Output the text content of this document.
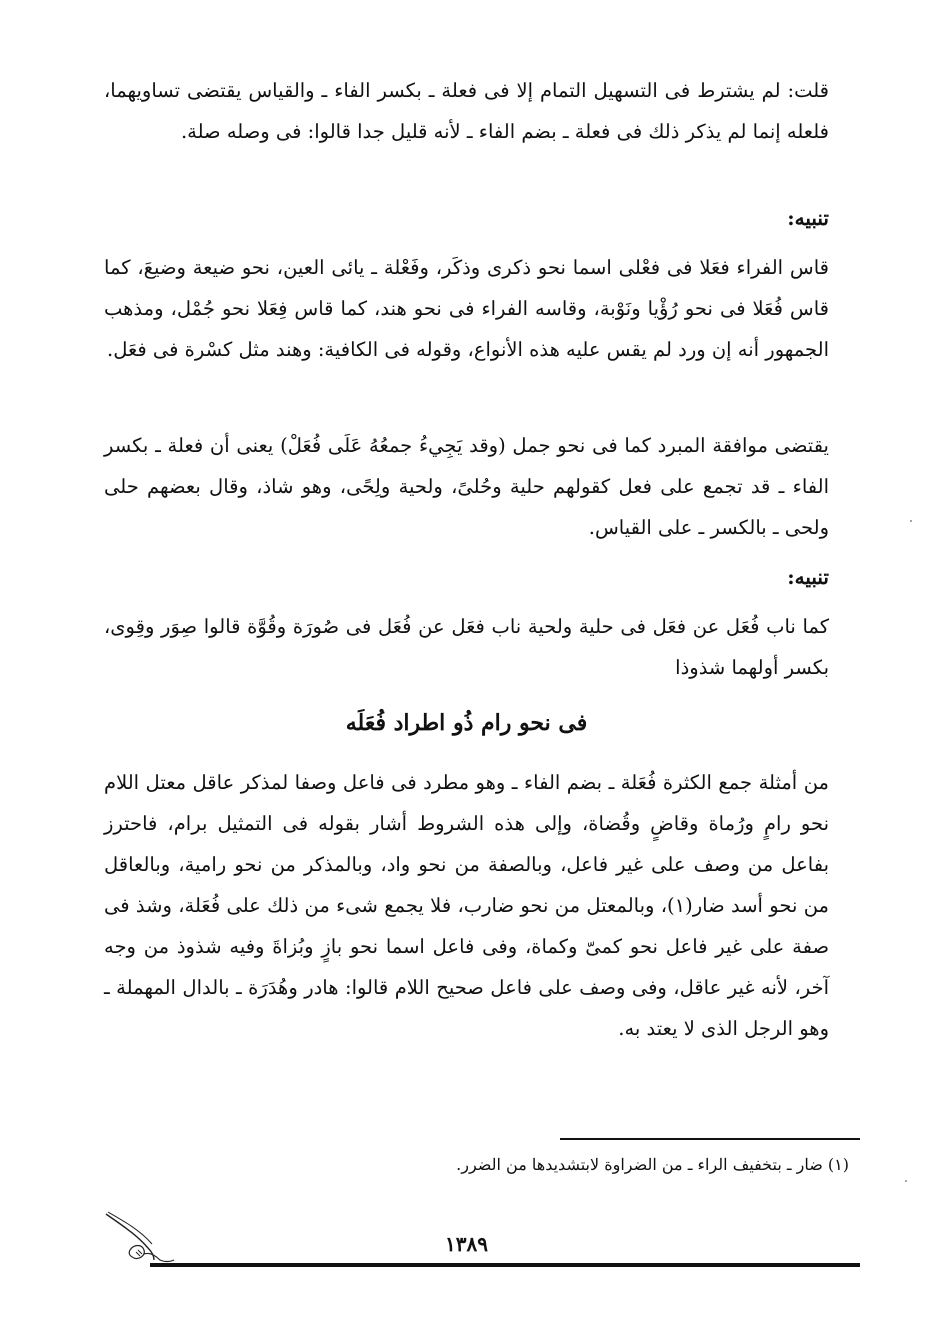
قلت: لم يشترط فى التسهيل التمام إلا فى فعلة ـ بكسر الفاء ـ والقياس يقتضى تساويهما، فلعله إنما لم يذكر ذلك فى فعلة ـ بضم الفاء ـ لأنه قليل جدا قالوا: فى وصله صلة.

تنبيه:

قاس الفراء فعَلا فى فعْلى اسما نحو ذكرى وذكَر، وفَعْلة ـ يائى العين، نحو ضيعة وضيعَ، كما قاس فُعَلا فى نحو رُؤْيا ونَوْبة، وقاسه الفراء فى نحو هند، كما قاس فِعَلا نحو جُمْل، ومذهب الجمهور أنه إن ورد لم يقس عليه هذه الأنواع، وقوله فى الكافية: وهند مثل كسْرة فى فعَل.

يقتضى موافقة المبرد كما فى نحو جمل (وقد يَجِيءُ جمعُهُ عَلَى فُعَلْ) يعنى أن فعلة ـ بكسر الفاء ـ قد تجمع على فعل كقولهم حلية وحُلىً، ولحية ولِحًى، وهو شاذ، وقال بعضهم حلى ولحى ـ بالكسر ـ على القياس.

تنبيه:

كما ناب فُعَل عن فعَل فى حلية ولحية ناب فعَل عن فُعَل فى صُورَة وقُوَّة قالوا صِوَر وقِوى، بكسر أولهما شذوذا

فى نحو رام ذُو اطراد فُعَلَه

من أمثلة جمع الكثرة فُعَلة ـ بضم الفاء ـ وهو مطرد فى فاعل وصفا لمذكر عاقل معتل اللام نحو رامٍ ورُماة وقاضٍ وقُضاة، وإلى هذه الشروط أشار بقوله فى التمثيل برام، فاحترز بفاعل من وصف على غير فاعل، وبالصفة من نحو واد، وبالمذكر من نحو رامية، وبالعاقل من نحو أسد ضار(١)، وبالمعتل من نحو ضارب، فلا يجمع شىء من ذلك على فُعَلة، وشذ فى صفة على غير فاعل نحو كمىّ وكماة، وفى فاعل اسما نحو بازٍ وبُزاةَ وفيه شذوذ من وجه آخر، لأنه غير عاقل، وفى وصف على فاعل صحيح اللام قالوا: هادر وهُدَرَة ـ بالدال المهملة ـ وهو الرجل الذى لا يعتد به.

(١) ضار ـ بتخفيف الراء ـ من الضراوة لابتشديدها من الضرر.
١٣٨٩
